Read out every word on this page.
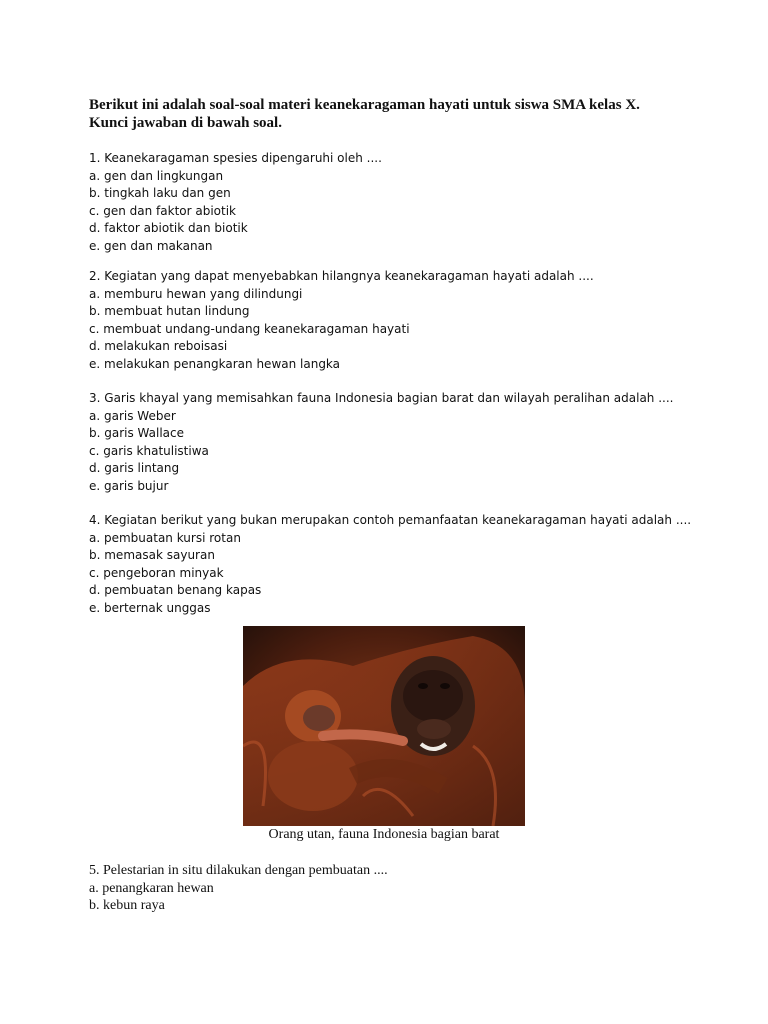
Berikut ini adalah soal-soal materi keanekaragaman hayati untuk siswa SMA kelas X.
Kunci jawaban di bawah soal.
1. Keanekaragaman spesies dipengaruhi oleh ....
a. gen dan lingkungan
b. tingkah laku dan gen
c. gen dan faktor abiotik
d. faktor abiotik dan biotik
e. gen dan makanan
2. Kegiatan yang dapat menyebabkan hilangnya keanekaragaman hayati adalah ....
a. memburu hewan yang dilindungi
b. membuat hutan lindung
c. membuat undang-undang keanekaragaman hayati
d. melakukan reboisasi
e. melakukan penangkaran hewan langka
3. Garis khayal yang memisahkan fauna Indonesia bagian barat dan wilayah peralihan adalah ....
a. garis Weber
b. garis Wallace
c. garis khatulistiwa
d. garis lintang
e. garis bujur
4. Kegiatan berikut yang bukan merupakan contoh pemanfaatan keanekaragaman hayati adalah ....
a. pembuatan kursi rotan
b. memasak sayuran
c. pengeboran minyak
d. pembuatan benang kapas
e. berternak unggas
Orang utan, fauna Indonesia bagian barat
5. Pelestarian in situ dilakukan dengan pembuatan ....
a. penangkaran hewan
b. kebun raya
